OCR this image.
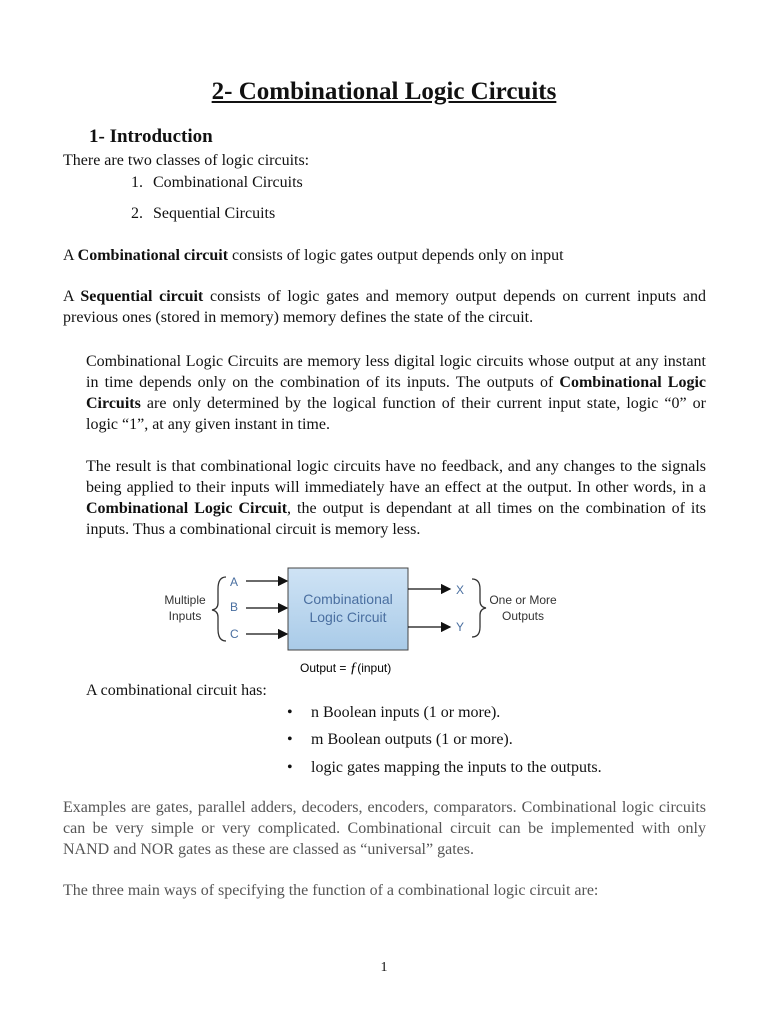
2- Combinational Logic Circuits
1- Introduction
There are two classes of logic circuits:
1. Combinational Circuits
2. Sequential Circuits
A Combinational circuit consists of logic gates output depends only on input
A Sequential circuit consists of logic gates and memory output depends on current inputs and previous ones (stored in memory) memory defines the state of the circuit.
Combinational Logic Circuits are memory less digital logic circuits whose output at any instant in time depends only on the combination of its inputs. The outputs of Combinational Logic Circuits are only determined by the logical function of their current input state, logic “0” or logic “1”, at any given instant in time.
The result is that combinational logic circuits have no feedback, and any changes to the signals being applied to their inputs will immediately have an effect at the output. In other words, in a Combinational Logic Circuit, the output is dependant at all times on the combination of its inputs. Thus a combinational circuit is memory less.
Multiple
Inputs
A
B
C
Combinational
Logic Circuit
X
Y
One or More
Outputs
Output = ƒ(input)
A combinational circuit has:
• n Boolean inputs (1 or more).
• m Boolean outputs (1 or more).
• logic gates mapping the inputs to the outputs.
Examples are gates, parallel adders, decoders, encoders, comparators. Combinational logic circuits can be very simple or very complicated. Combinational circuit can be implemented with only NAND and NOR gates as these are classed as “universal” gates.
The three main ways of specifying the function of a combinational logic circuit are:
1
